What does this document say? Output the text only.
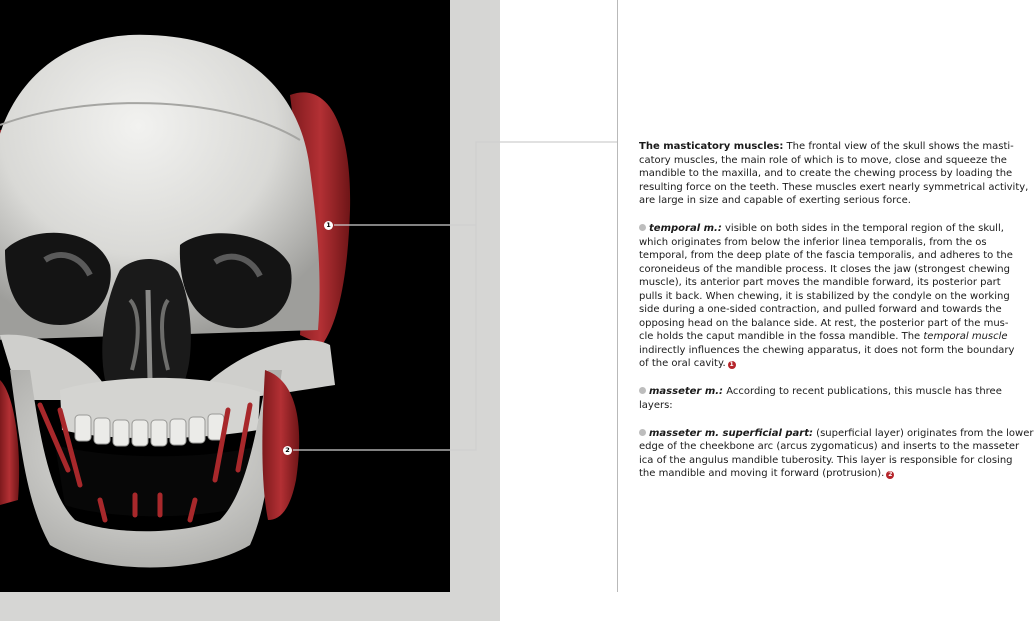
1
2

The masticatory muscles: The frontal view of the skull shows the masti-
catory muscles, the main role of which is to move, close and squeeze the
mandible to the maxilla, and to create the chewing process by loading the
resulting force on the teeth. These muscles exert nearly symmetrical activity,
are large in size and capable of exerting serious force.

temporal m.: visible on both sides in the temporal region of the skull,
which originates from below the inferior linea temporalis, from the os
temporal, from the deep plate of the fascia temporalis, and adheres to the
coroneideus of the mandible process. It closes the jaw (strongest chewing
muscle), its anterior part moves the mandible forward, its posterior part
pulls it back. When chewing, it is stabilized by the condyle on the working
side during a one-sided contraction, and pulled forward and towards the
opposing head on the balance side. At rest, the posterior part of the mus-
cle holds the caput mandible in the fossa mandible. The temporal muscle
indirectly influences the chewing apparatus, it does not form the boundary
of the oral cavity. 1

masseter m.: According to recent publications, this muscle has three
layers:

masseter m. superficial part: (superficial layer) originates from the lower
edge of the cheekbone arc (arcus zygomaticus) and inserts to the masseter
ica of the angulus mandible tuberosity. This layer is responsible for closing
the mandible and moving it forward (protrusion). 2
